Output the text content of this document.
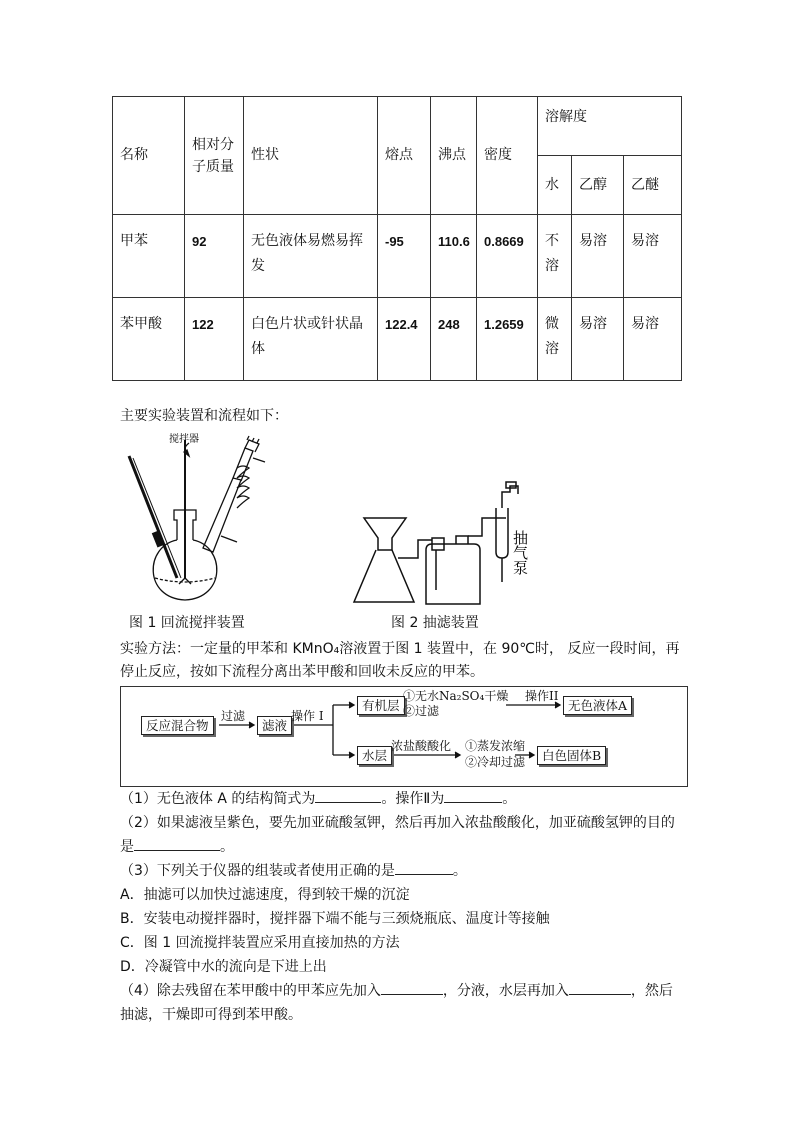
名称	相对分子质量	性状	熔点	沸点	密度	溶解度		
						水	乙醇	乙醚
甲苯	92	无色液体易燃易挥发	-95	110.6	0.8669	不溶	易溶	易溶
苯甲酸	122	白色片状或针状晶体	122.4	248	1.2659	微溶	易溶	易溶
主要实验装置和流程如下：
搅拌器
图 1 回流搅拌装置
抽气泵
图 2 抽滤装置
实验方法：一定量的甲苯和 KMnO₄溶液置于图 1 装置中，在 90℃时， 反应一段时间，再
停止反应，按如下流程分离出苯甲酸和回收未反应的甲苯。
反应混合物
过滤
滤液
操作 I
有机层
①无水Na₂SO₄干燥
②过滤
操作II
无色液体A
水层
浓盐酸酸化 ①蒸发浓缩
②冷却过滤	白色固体B
（1）无色液体 A 的结构简式为	。操作Ⅱ为	。
（2）如果滤液呈紫色，要先加亚硫酸氢钾，然后再加入浓盐酸酸化，加亚硫酸氢钾的目的
是	。
（3）下列关于仪器的组装或者使用正确的是	。
A．抽滤可以加快过滤速度，得到较干燥的沉淀
B．安装电动搅拌器时，搅拌器下端不能与三颈烧瓶底、温度计等接触
C．图 1 回流搅拌装置应采用直接加热的方法
D．冷凝管中水的流向是下进上出
（4）除去残留在苯甲酸中的甲苯应先加入	，分液，水层再加入	，然后
抽滤，干燥即可得到苯甲酸。
